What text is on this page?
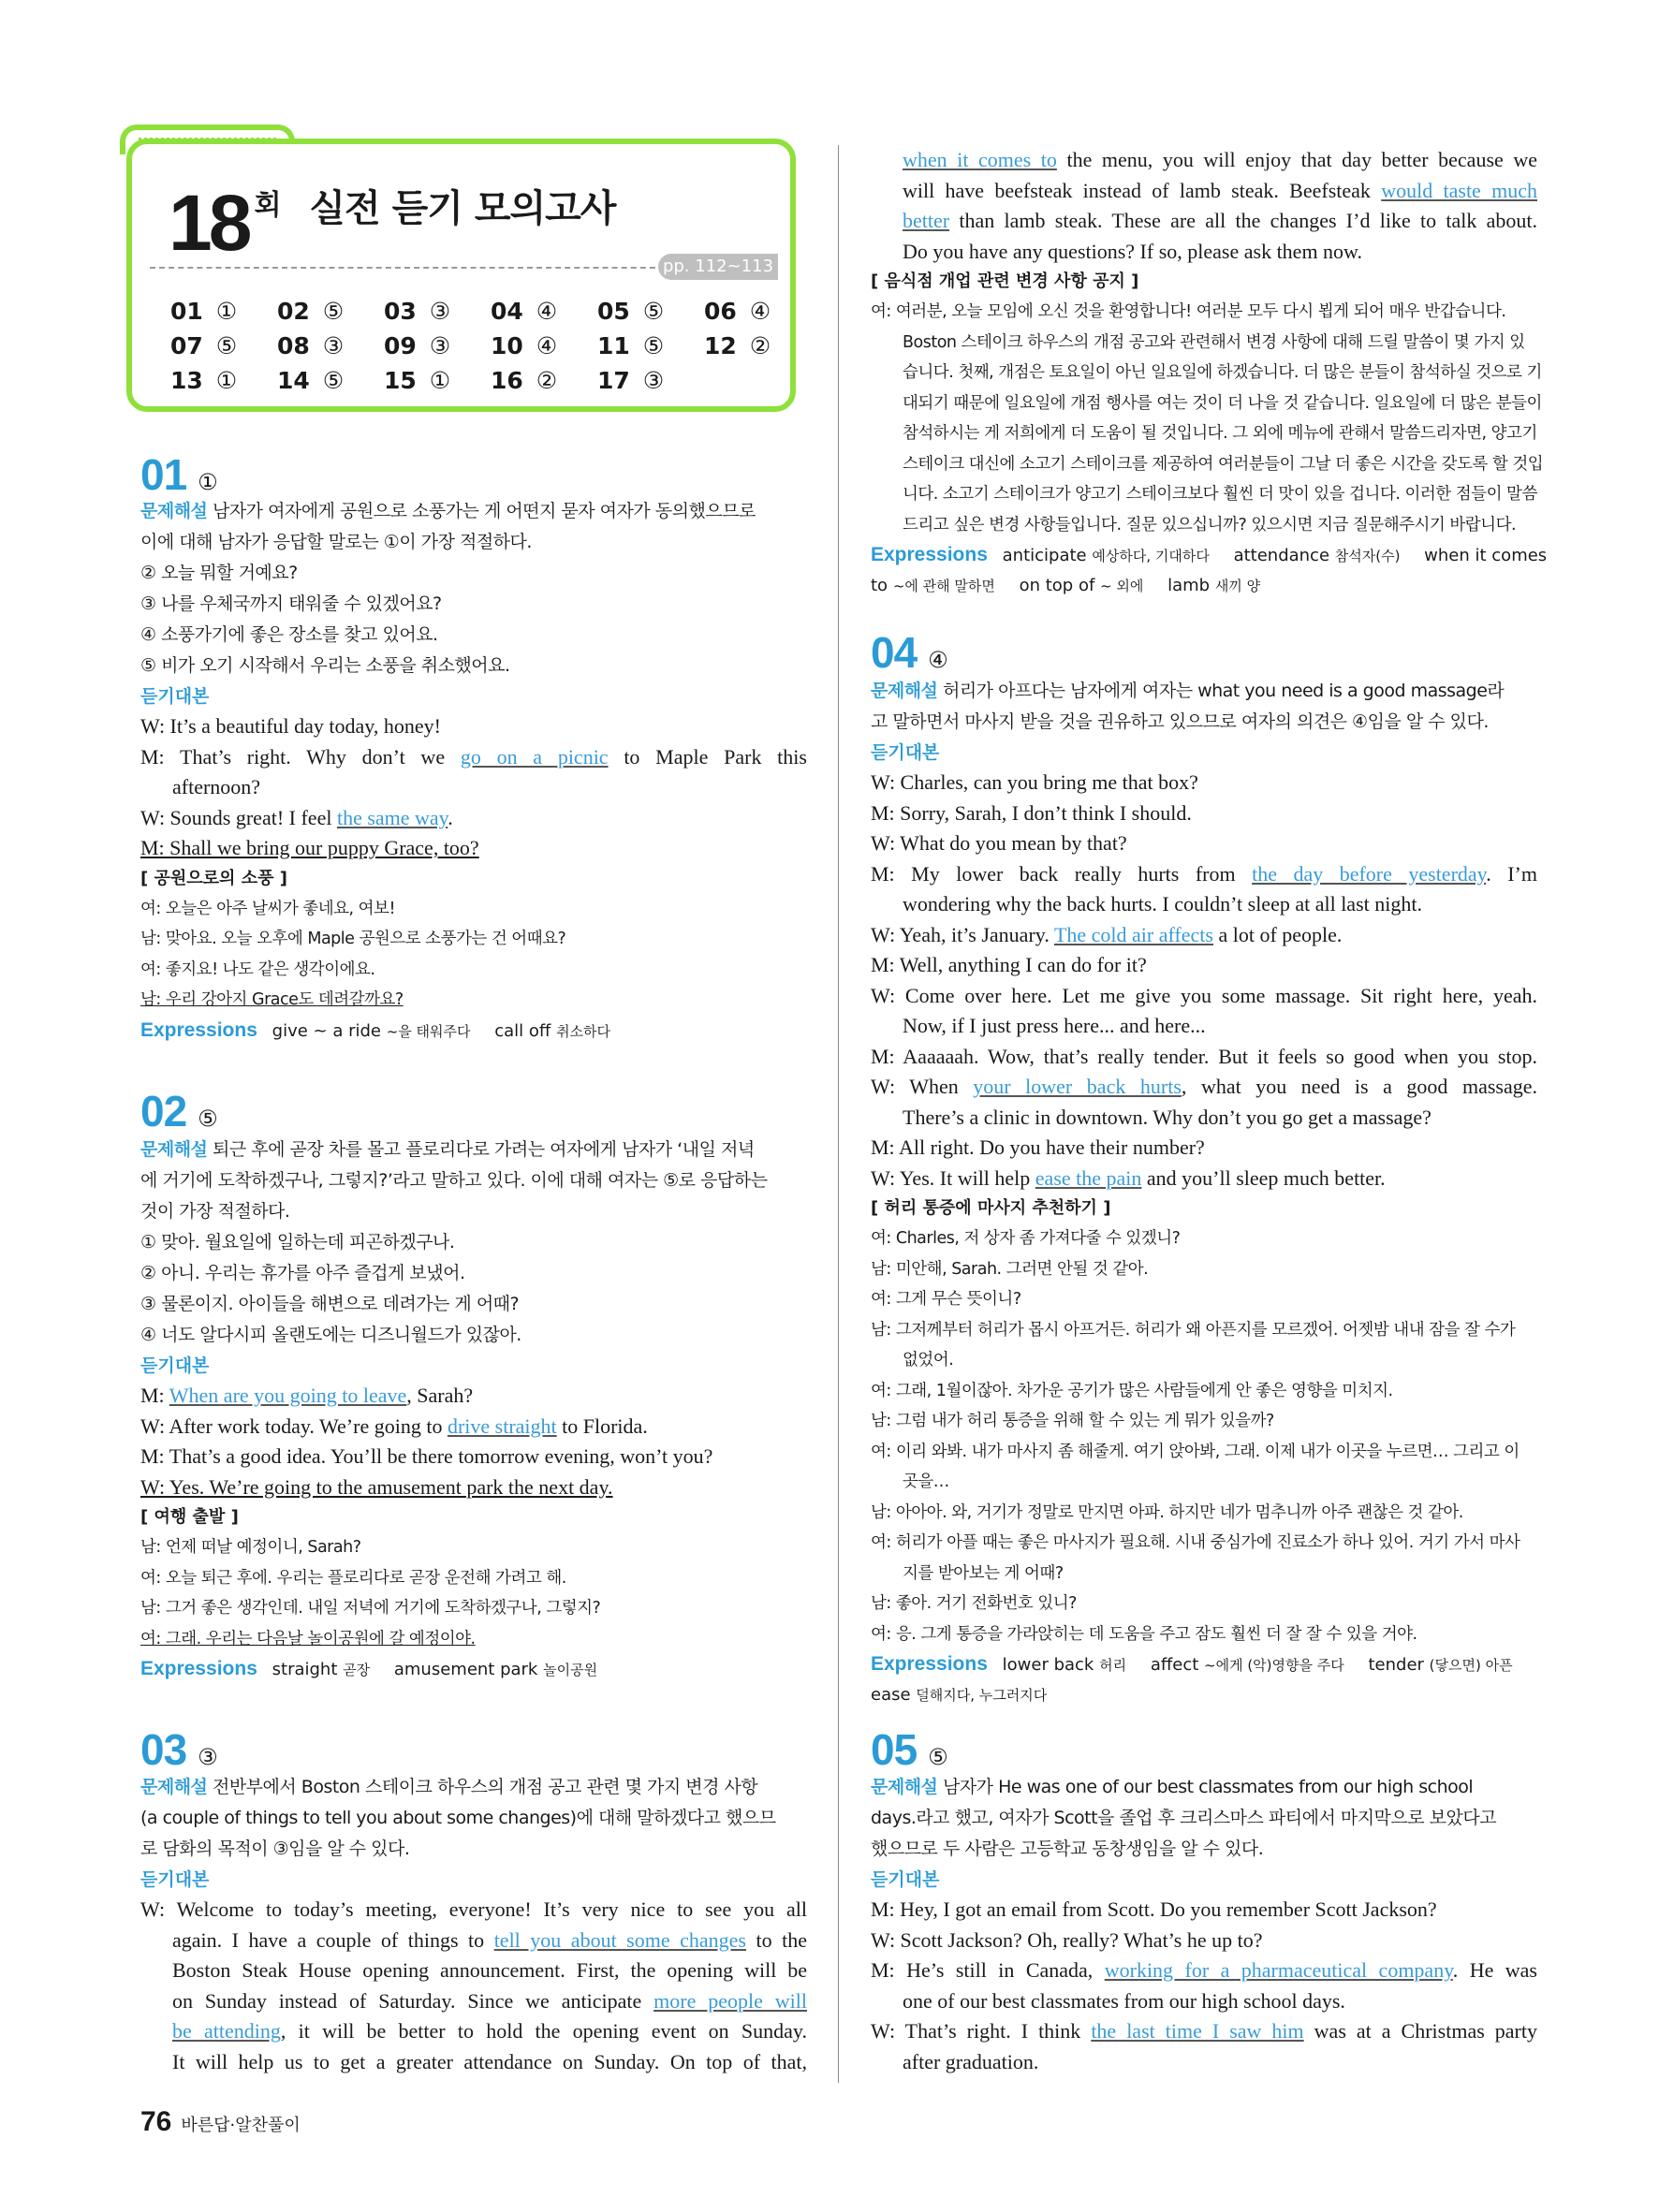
18 회 실전 듣기 모의고사
pp. 112~113
01 ①	02 ⑤	03 ③	04 ④	05 ⑤	06 ④
07 ⑤	08 ③	09 ③	10 ④	11 ⑤	12 ②
13 ①	14 ⑤	15 ①	16 ②	17 ③
01 ①
문제해설 남자가 여자에게 공원으로 소풍가는 게 어떤지 묻자 여자가 동의했으므로
이에 대해 남자가 응답할 말로는 ①이 가장 적절하다.
② 오늘 뭐할 거예요?
③ 나를 우체국까지 태워줄 수 있겠어요?
④ 소풍가기에 좋은 장소를 찾고 있어요.
⑤ 비가 오기 시작해서 우리는 소풍을 취소했어요.
듣기대본
W: It’s a beautiful day today, honey!
M: That’s right. Why don’t we go on a picnic to Maple Park this
afternoon?
W: Sounds great! I feel the same way.
M: Shall we bring our puppy Grace, too?
[ 공원으로의 소풍 ]
여: 오늘은 아주 날씨가 좋네요, 여보!
남: 맞아요. 오늘 오후에 Maple 공원으로 소풍가는 건 어때요?
여: 좋지요! 나도 같은 생각이에요.
남: 우리 강아지 Grace도 데려갈까요?
Expressions give ~ a ride ~을 태워주다 call off 취소하다
02 ⑤
문제해설 퇴근 후에 곧장 차를 몰고 플로리다로 가려는 여자에게 남자가 ‘내일 저녁
에 거기에 도착하겠구나, 그렇지?’라고 말하고 있다. 이에 대해 여자는 ⑤로 응답하는
것이 가장 적절하다.
① 맞아. 월요일에 일하는데 피곤하겠구나.
② 아니. 우리는 휴가를 아주 즐겁게 보냈어.
③ 물론이지. 아이들을 해변으로 데려가는 게 어때?
④ 너도 알다시피 올랜도에는 디즈니월드가 있잖아.
듣기대본
M: When are you going to leave, Sarah?
W: After work today. We’re going to drive straight to Florida.
M: That’s a good idea. You’ll be there tomorrow evening, won’t you?
W: Yes. We’re going to the amusement park the next day.
[ 여행 출발 ]
남: 언제 떠날 예정이니, Sarah?
여: 오늘 퇴근 후에. 우리는 플로리다로 곧장 운전해 가려고 해.
남: 그거 좋은 생각인데. 내일 저녁에 거기에 도착하겠구나, 그렇지?
여: 그래. 우리는 다음날 놀이공원에 갈 예정이야.
Expressions straight 곧장 amusement park 놀이공원
03 ③
문제해설 전반부에서 Boston 스테이크 하우스의 개점 공고 관련 몇 가지 변경 사항
(a couple of things to tell you about some changes)에 대해 말하겠다고 했으므
로 담화의 목적이 ③임을 알 수 있다.
듣기대본
W: Welcome to today’s meeting, everyone! It’s very nice to see you all
again. I have a couple of things to tell you about some changes to the
Boston Steak House opening announcement. First, the opening will be
on Sunday instead of Saturday. Since we anticipate more people will
be attending, it will be better to hold the opening event on Sunday.
It will help us to get a greater attendance on Sunday. On top of that,
when it comes to the menu, you will enjoy that day better because we
will have beefsteak instead of lamb steak. Beefsteak would taste much
better than lamb steak. These are all the changes I’d like to talk about.
Do you have any questions? If so, please ask them now.
[ 음식점 개업 관련 변경 사항 공지 ]
여: 여러분, 오늘 모임에 오신 것을 환영합니다! 여러분 모두 다시 뵙게 되어 매우 반갑습니다.
Boston 스테이크 하우스의 개점 공고와 관련해서 변경 사항에 대해 드릴 말씀이 몇 가지 있
습니다. 첫째, 개점은 토요일이 아닌 일요일에 하겠습니다. 더 많은 분들이 참석하실 것으로 기
대되기 때문에 일요일에 개점 행사를 여는 것이 더 나을 것 같습니다. 일요일에 더 많은 분들이
참석하시는 게 저희에게 더 도움이 될 것입니다. 그 외에 메뉴에 관해서 말씀드리자면, 양고기
스테이크 대신에 소고기 스테이크를 제공하여 여러분들이 그날 더 좋은 시간을 갖도록 할 것입
니다. 소고기 스테이크가 양고기 스테이크보다 훨씬 더 맛이 있을 겁니다. 이러한 점들이 말씀
드리고 싶은 변경 사항들입니다. 질문 있으십니까? 있으시면 지금 질문해주시기 바랍니다.
Expressions anticipate 예상하다, 기대하다 attendance 참석자(수) when it comes
to ~에 관해 말하면 on top of ~ 외에 lamb 새끼 양
04 ④
문제해설 허리가 아프다는 남자에게 여자는 what you need is a good massage라
고 말하면서 마사지 받을 것을 권유하고 있으므로 여자의 의견은 ④임을 알 수 있다.
듣기대본
W: Charles, can you bring me that box?
M: Sorry, Sarah, I don’t think I should.
W: What do you mean by that?
M: My lower back really hurts from the day before yesterday. I’m
wondering why the back hurts. I couldn’t sleep at all last night.
W: Yeah, it’s January. The cold air affects a lot of people.
M: Well, anything I can do for it?
W: Come over here. Let me give you some massage. Sit right here, yeah.
Now, if I just press here... and here...
M: Aaaaaah. Wow, that’s really tender. But it feels so good when you stop.
W: When your lower back hurts, what you need is a good massage.
There’s a clinic in downtown. Why don’t you go get a massage?
M: All right. Do you have their number?
W: Yes. It will help ease the pain and you’ll sleep much better.
[ 허리 통증에 마사지 추천하기 ]
여: Charles, 저 상자 좀 가져다줄 수 있겠니?
남: 미안해, Sarah. 그러면 안될 것 같아.
여: 그게 무슨 뜻이니?
남: 그저께부터 허리가 몹시 아프거든. 허리가 왜 아픈지를 모르겠어. 어젯밤 내내 잠을 잘 수가
없었어.
여: 그래, 1월이잖아. 차가운 공기가 많은 사람들에게 안 좋은 영향을 미치지.
남: 그럼 내가 허리 통증을 위해 할 수 있는 게 뭐가 있을까?
여: 이리 와봐. 내가 마사지 좀 해줄게. 여기 앉아봐, 그래. 이제 내가 이곳을 누르면… 그리고 이
곳을…
남: 아아아. 와, 거기가 정말로 만지면 아파. 하지만 네가 멈추니까 아주 괜찮은 것 같아.
여: 허리가 아플 때는 좋은 마사지가 필요해. 시내 중심가에 진료소가 하나 있어. 거기 가서 마사
지를 받아보는 게 어때?
남: 좋아. 거기 전화번호 있니?
여: 응. 그게 통증을 가라앉히는 데 도움을 주고 잠도 훨씬 더 잘 잘 수 있을 거야.
Expressions lower back 허리 affect ~에게 (악)영향을 주다 tender (닿으면) 아픈
ease 덜해지다, 누그러지다
05 ⑤
문제해설 남자가 He was one of our best classmates from our high school
days.라고 했고, 여자가 Scott을 졸업 후 크리스마스 파티에서 마지막으로 보았다고
했으므로 두 사람은 고등학교 동창생임을 알 수 있다.
듣기대본
M: Hey, I got an email from Scott. Do you remember Scott Jackson?
W: Scott Jackson? Oh, really? What’s he up to?
M: He’s still in Canada, working for a pharmaceutical company. He was
one of our best classmates from our high school days.
W: That’s right. I think the last time I saw him was at a Christmas party
after graduation.
76 바른답·알찬풀이
